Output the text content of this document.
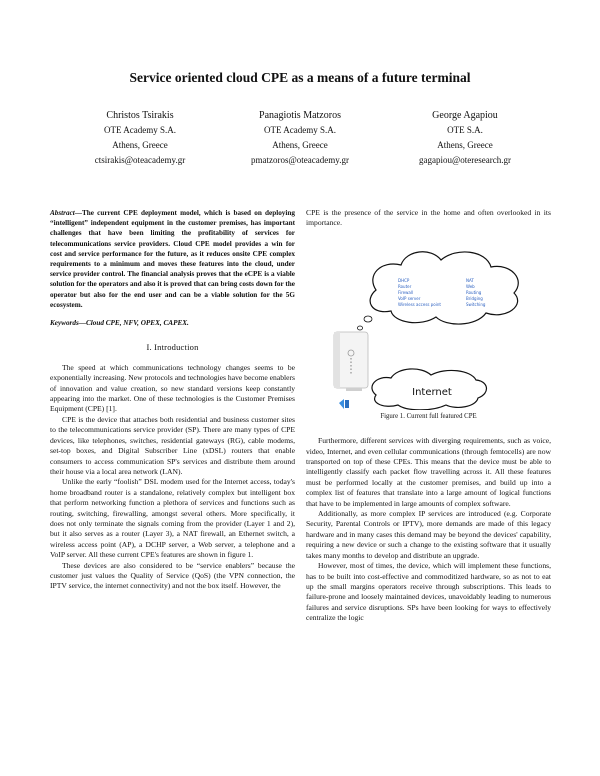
Service oriented cloud CPE as a means of a future terminal
Christos Tsirakis
OTE Academy S.A.
Athens, Greece
ctsirakis@oteacademy.gr
Panagiotis Matzoros
OTE Academy S.A.
Athens, Greece
pmatzoros@oteacademy.gr
George Agapiou
OTE S.A.
Athens, Greece
gagapiou@oteresearch.gr

Abstract—The current CPE deployment model, which is based on deploying “intelligent” independent equipment in the customer premises, has important challenges that have been limiting the profitability of services for telecommunications service providers. Cloud CPE model provides a win for cost and service performance for the future, as it reduces onsite CPE complex requirements to a minimum and moves these features into the cloud, under service provider control. The financial analysis proves that the eCPE is a viable solution for the operators and also it is proved that can bring costs down for the operator but also for the end user and can be a viable solution for the 5G ecosystem.

Keywords—Cloud CPE, NFV, OPEX, CAPEX.

I. Introduction

The speed at which communications technology changes seems to be exponentially increasing. New protocols and technologies have become enablers of innovation and value creation, so new standard versions keep constantly appearing into the market. One of these technologies is the Customer Premises Equipment (CPE) [1].

CPE is the device that attaches both residential and business customer sites to the telecommunications service provider (SP). There are many types of CPE devices, like telephones, switches, residential gateways (RG), cable modems, set-top boxes, and Digital Subscriber Line (xDSL) routers that enable consumers to access communication SP's services and distribute them around their house via a local area network (LAN).

Unlike the early “foolish” DSL modem used for the Internet access, today's home broadband router is a standalone, relatively complex but intelligent box that perform networking function a plethora of services and functions such as routing, switching, firewalling, amongst several others. More specifically, it does not only terminate the signals coming from the provider (Layer 1 and 2), but it also serves as a router (Layer 3), a NAT firewall, an Ethernet switch, a wireless access point (AP), a DCHP server, a Web server, a telephone and a VoIP server. All these current CPE's features are shown in figure 1.

These devices are also considered to be “service enablers” because the customer just values the Quality of Service (QoS) (the VPN connection, the IPTV service, the internet connectivity) and not the box itself. However, the

CPE is the presence of the service in the home and often overlooked in its importance.

DHCP
Router
Firewall
VoIP server
Wireless access point
NAT
Web
Routing
Bridging
Switching
Internet
Figure 1. Current full featured CPE

Furthermore, different services with diverging requirements, such as voice, video, Internet, and even cellular communications (through femtocells) are now transported on top of these CPEs. This means that the device must be able to intelligently classify each packet flow travelling across it. All these features must be performed locally at the customer premises, and build up into a complex list of features that translate into a large amount of logical functions that have to be implemented in large amounts of complex software.

Additionally, as more complex IP services are introduced (e.g. Corporate Security, Parental Controls or IPTV), more demands are made of this legacy hardware and in many cases this demand may be beyond the devices' capability, requiring a new device or such a change to the existing software that it usually takes many months to develop and distribute an upgrade.

However, most of times, the device, which will implement these functions, has to be built into cost-effective and commoditized hardware, so as not to eat up the small margins operators receive through subscriptions. This leads to failure-prone and loosely maintained devices, unavoidably leading to numerous failures and service disruptions. SPs have been looking for ways to effectively centralize the logic
